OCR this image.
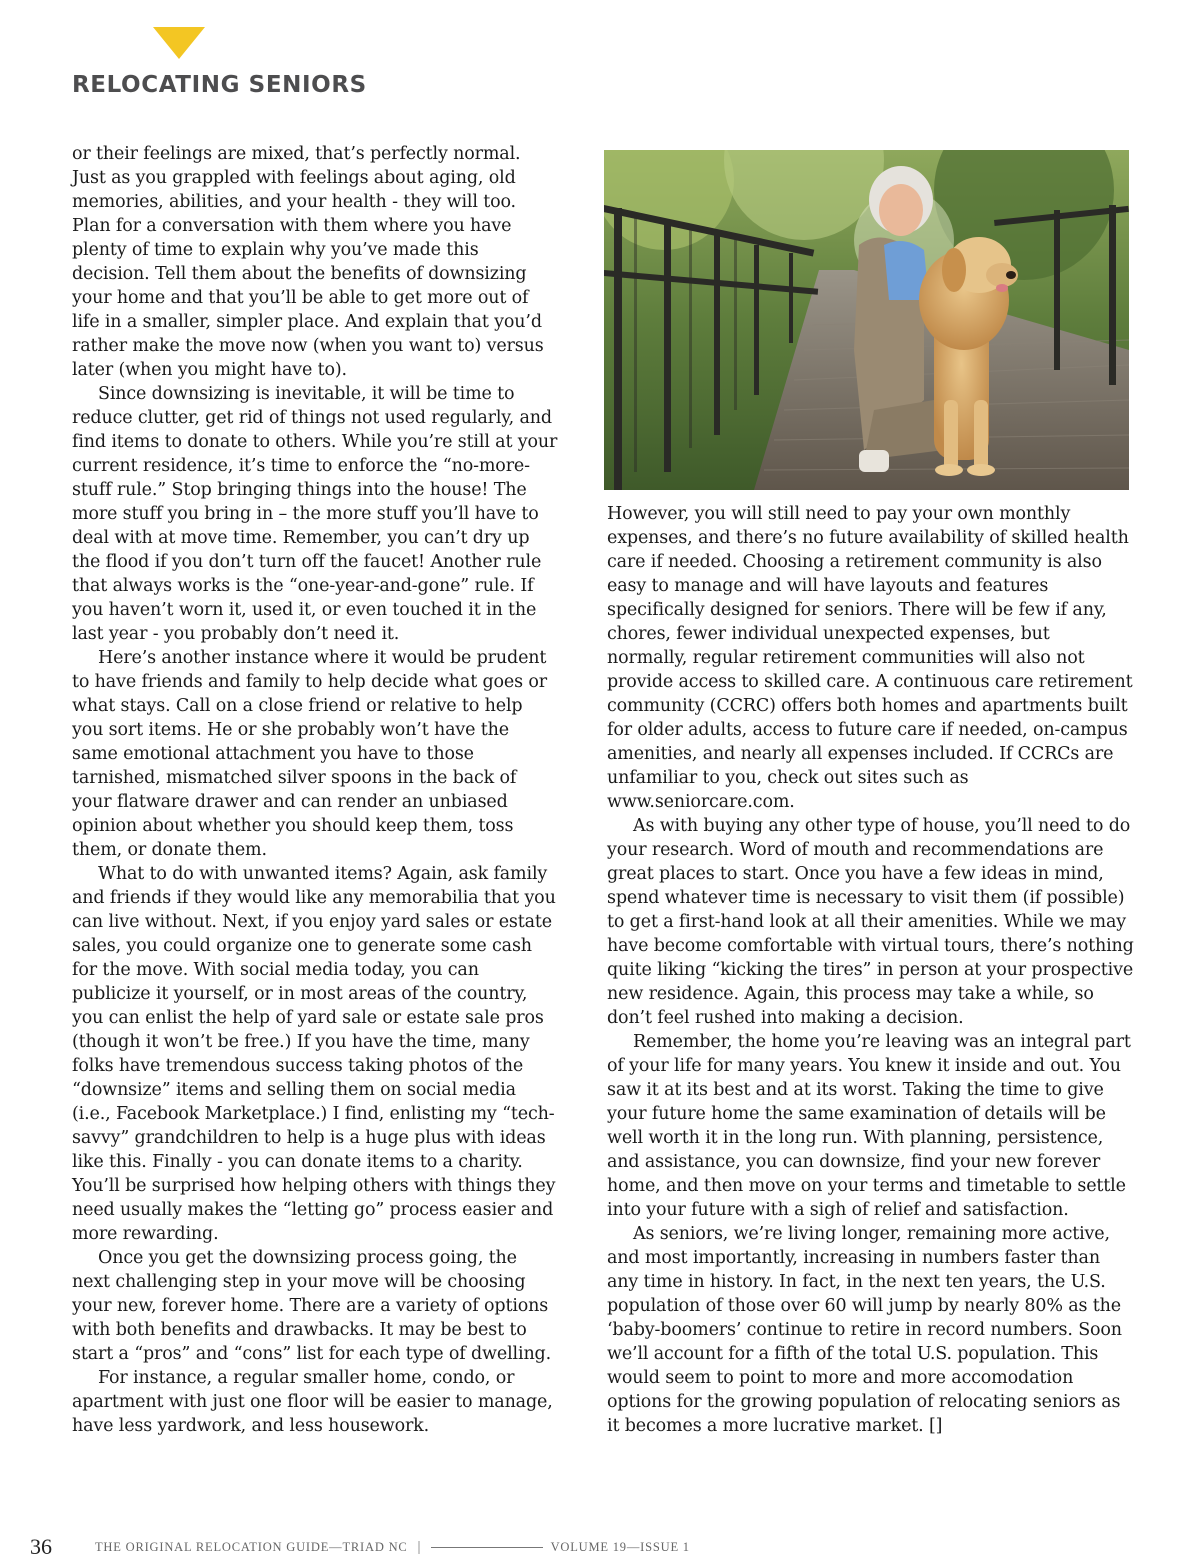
RELOCATING SENIORS

or their feelings are mixed, that’s perfectly normal. Just as you grappled with feelings about aging, old memories, abilities, and your health - they will too. Plan for a conversation with them where you have plenty of time to explain why you’ve made this decision. Tell them about the benefits of downsizing your home and that you’ll be able to get more out of life in a smaller, simpler place. And explain that you’d rather make the move now (when you want to) versus later (when you might have to).

Since downsizing is inevitable, it will be time to reduce clutter, get rid of things not used regularly, and find items to donate to others. While you’re still at your current residence, it’s time to enforce the “no-more-stuff rule.” Stop bringing things into the house! The more stuff you bring in – the more stuff you’ll have to deal with at move time. Remember, you can’t dry up the flood if you don’t turn off the faucet! Another rule that always works is the “one-year-and-gone” rule. If you haven’t worn it, used it, or even touched it in the last year - you probably don’t need it.

Here’s another instance where it would be prudent to have friends and family to help decide what goes or what stays. Call on a close friend or relative to help you sort items. He or she probably won’t have the same emotional attachment you have to those tarnished, mismatched silver spoons in the back of your flatware drawer and can render an unbiased opinion about whether you should keep them, toss them, or donate them.

What to do with unwanted items? Again, ask family and friends if they would like any memorabilia that you can live without. Next, if you enjoy yard sales or estate sales, you could organize one to generate some cash for the move. With social media today, you can publicize it yourself, or in most areas of the country, you can enlist the help of yard sale or estate sale pros (though it won’t be free.) If you have the time, many folks have tremendous success taking photos of the “downsize” items and selling them on social media (i.e., Facebook Marketplace.) I find, enlisting my “tech-savvy” grandchildren to help is a huge plus with ideas like this. Finally - you can donate items to a charity. You’ll be surprised how helping others with things they need usually makes the “letting go” process easier and more rewarding.

Once you get the downsizing process going, the next challenging step in your move will be choosing your new, forever home. There are a variety of options with both benefits and drawbacks. It may be best to start a “pros” and “cons” list for each type of dwelling.

For instance, a regular smaller home, condo, or apartment with just one floor will be easier to manage, have less yardwork, and less housework.

However, you will still need to pay your own monthly expenses, and there’s no future availability of skilled health care if needed. Choosing a retirement community is also easy to manage and will have layouts and features specifically designed for seniors. There will be few if any, chores, fewer individual unexpected expenses, but normally, regular retirement communities will also not provide access to skilled care. A continuous care retirement community (CCRC) offers both homes and apartments built for older adults, access to future care if needed, on-campus amenities, and nearly all expenses included. If CCRCs are unfamiliar to you, check out sites such as www.seniorcare.com.

As with buying any other type of house, you’ll need to do your research. Word of mouth and recommendations are great places to start. Once you have a few ideas in mind, spend whatever time is necessary to visit them (if possible) to get a first-hand look at all their amenities. While we may have become comfortable with virtual tours, there’s nothing quite liking “kicking the tires” in person at your prospective new residence. Again, this process may take a while, so don’t feel rushed into making a decision.

Remember, the home you’re leaving was an integral part of your life for many years. You knew it inside and out. You saw it at its best and at its worst. Taking the time to give your future home the same examination of details will be well worth it in the long run. With planning, persistence, and assistance, you can downsize, find your new forever home, and then move on your terms and timetable to settle into your future with a sigh of relief and satisfaction.

As seniors, we’re living longer, remaining more active, and most importantly, increasing in numbers faster than any time in history. In fact, in the next ten years, the U.S. population of those over 60 will jump by nearly 80% as the ‘baby-boomers’ continue to retire in record numbers. Soon we’ll account for a fifth of the total U.S. population. This would seem to point to more and more accomodation options for the growing population of relocating seniors as it becomes a more lucrative market. []

36	THE ORIGINAL RELOCATION GUIDE—TRIAD NC |	VOLUME 19—ISSUE 1
